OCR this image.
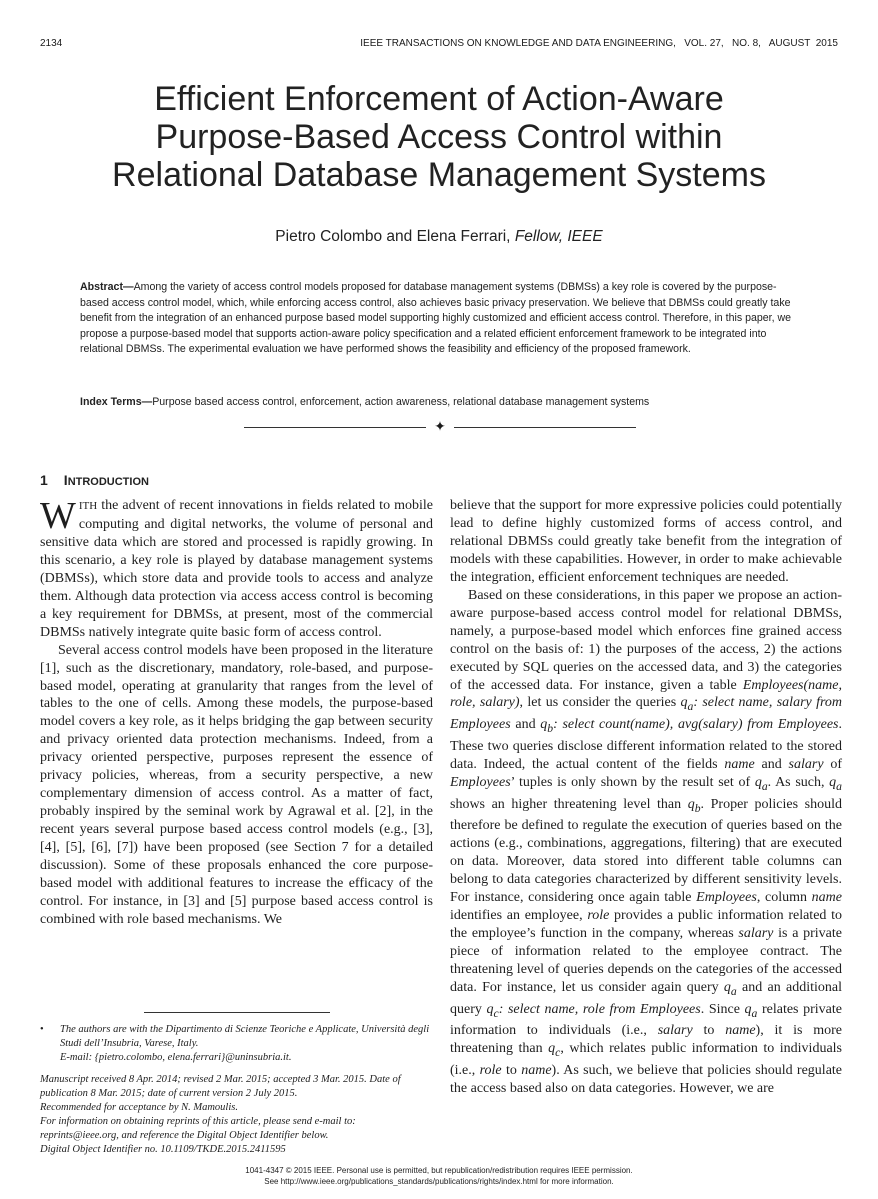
2134	IEEE TRANSACTIONS ON KNOWLEDGE AND DATA ENGINEERING,   VOL. 27,   NO. 8,   AUGUST  2015
Efficient Enforcement of Action-Aware
Purpose-Based Access Control within
Relational Database Management Systems
Pietro Colombo and Elena Ferrari, Fellow, IEEE
Abstract—Among the variety of access control models proposed for database management systems (DBMSs) a key role is covered by the purpose-based access control model, which, while enforcing access control, also achieves basic privacy preservation. We believe that DBMSs could greatly take benefit from the integration of an enhanced purpose based model supporting highly customized and efficient access control. Therefore, in this paper, we propose a purpose-based model that supports action-aware policy specification and a related efficient enforcement framework to be integrated into relational DBMSs. The experimental evaluation we have performed shows the feasibility and efficiency of the proposed framework.
Index Terms—Purpose based access control, enforcement, action awareness, relational database management systems
✦
1 INTRODUCTION

WITH the advent of recent innovations in fields related to mobile computing and digital networks, the volume of personal and sensitive data which are stored and processed is rapidly growing. In this scenario, a key role is played by database management systems (DBMSs), which store data and provide tools to access and analyze them. Although data protection via access access control is becoming a key requirement for DBMSs, at present, most of the commercial DBMSs natively integrate quite basic form of access control.

Several access control models have been proposed in the literature [1], such as the discretionary, mandatory, role-based, and purpose-based model, operating at granularity that ranges from the level of tables to the one of cells. Among these models, the purpose-based model covers a key role, as it helps bridging the gap between security and privacy oriented data protection mechanisms. Indeed, from a privacy oriented perspective, purposes represent the essence of privacy policies, whereas, from a security perspective, a new complementary dimension of access control. As a matter of fact, probably inspired by the seminal work by Agrawal et al. [2], in the recent years several purpose based access control models (e.g., [3], [4], [5], [6], [7]) have been proposed (see Section 7 for a detailed discussion). Some of these proposals enhanced the core purpose-based model with additional features to increase the efficacy of the control. For instance, in [3] and [5] purpose based access control is combined with role based mechanisms. We

believe that the support for more expressive policies could potentially lead to define highly customized forms of access control, and relational DBMSs could greatly take benefit from the integration of models with these capabilities. However, in order to make achievable the integration, efficient enforcement techniques are needed.

Based on these considerations, in this paper we propose an action-aware purpose-based access control model for relational DBMSs, namely, a purpose-based model which enforces fine grained access control on the basis of: 1) the purposes of the access, 2) the actions executed by SQL queries on the accessed data, and 3) the categories of the accessed data. For instance, given a table Employees(name, role, salary), let us consider the queries $q_a$: select name, salary from Employees and $q_b$: select count(name), avg(salary) from Employees. These two queries disclose different information related to the stored data. Indeed, the actual content of the fields name and salary of Employees’ tuples is only shown by the result set of $q_a$. As such, $q_a$ shows an higher threatening level than $q_b$. Proper policies should therefore be defined to regulate the execution of queries based on the actions (e.g., combinations, aggregations, filtering) that are executed on data. Moreover, data stored into different table columns can belong to data categories characterized by different sensitivity levels. For instance, considering once again table Employees, column name identifies an employee, role provides a public information related to the employee’s function in the company, whereas salary is a private piece of information related to the employee contract. The threatening level of queries depends on the categories of the accessed data. For instance, let us consider again query $q_a$ and an additional query $q_c$: select name, role from Employees. Since $q_a$ relates private information to individuals (i.e., salary to name), it is more threatening than $q_c$, which relates public information to individuals (i.e., role to name). As such, we believe that policies should regulate the access based also on data categories. However, we are

• The authors are with the Dipartimento di Scienze Teoriche e Applicate, Università degli Studi dell’Insubria, Varese, Italy.
E-mail: {pietro.colombo, elena.ferrari}@uninsubria.it.
Manuscript received 8 Apr. 2014; revised 2 Mar. 2015; accepted 3 Mar. 2015. Date of publication 8 Mar. 2015; date of current version 2 July 2015.
Recommended for acceptance by N. Mamoulis.
For information on obtaining reprints of this article, please send e-mail to: reprints@ieee.org, and reference the Digital Object Identifier below.
Digital Object Identifier no. 10.1109/TKDE.2015.2411595
1041-4347 © 2015 IEEE. Personal use is permitted, but republication/redistribution requires IEEE permission.
See http://www.ieee.org/publications_standards/publications/rights/index.html for more information.
